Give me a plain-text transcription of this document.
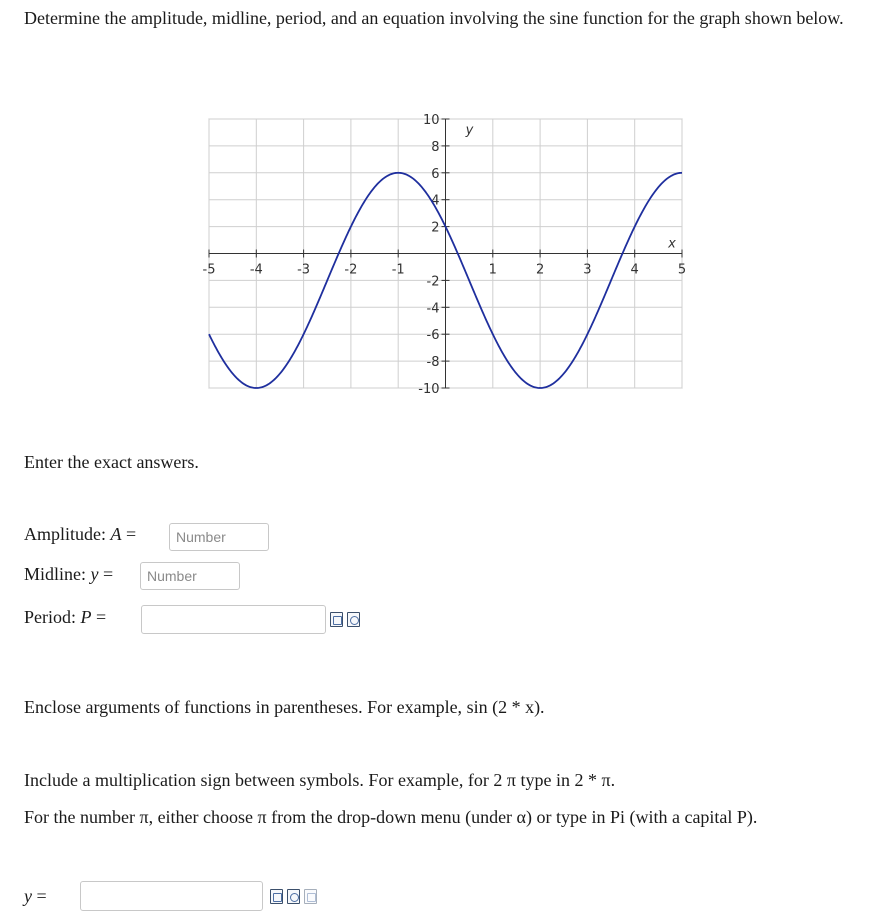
Determine the amplitude, midline, period, and an equation involving the sine function for the graph shown below.
-5	-4	-3	-2	-1	1	2	3	4	5
-10
-8
-6
-4
-2
2
4
6
8
10
x
y
Enter the exact answers.
Amplitude: A =
Number
Midline: y =
Number
Period: P =
Enclose arguments of functions in parentheses. For example, sin (2 * x).
Include a multiplication sign between symbols. For example, for 2 π type in 2 * π.
For the number π, either choose π from the drop-down menu (under α) or type in Pi (with a capital P).
y =
